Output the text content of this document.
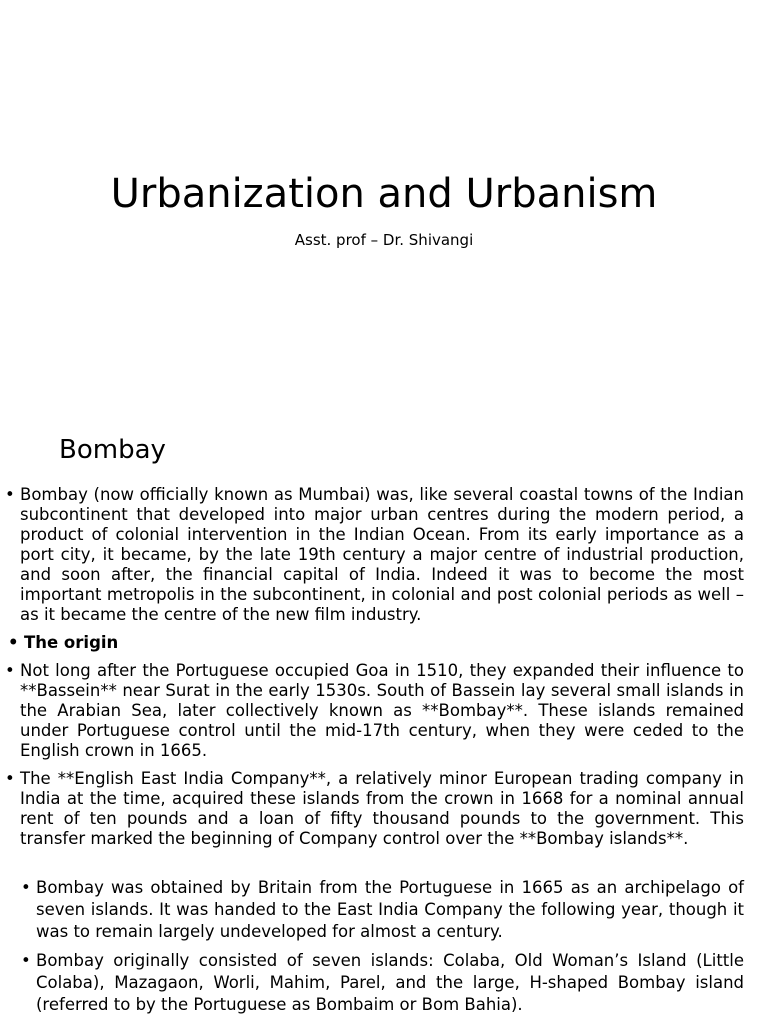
Urbanization and Urbanism
Asst. prof – Dr. Shivangi
Bombay
• Bombay (now officially known as Mumbai) was, like several coastal towns of the Indian subcontinent that developed into major urban centres during the modern period, a product of colonial intervention in the Indian Ocean. From its early importance as a port city, it became, by the late 19th century a major centre of industrial production, and soon after, the financial capital of India. Indeed it was to become the most important metropolis in the subcontinent, in colonial and post colonial periods as well – as it became the centre of the new film industry.
• The origin
• Not long after the Portuguese occupied Goa in 1510, they expanded their influence to **Bassein** near Surat in the early 1530s. South of Bassein lay several small islands in the Arabian Sea, later collectively known as **Bombay**. These islands remained under Portuguese control until the mid-17th century, when they were ceded to the English crown in 1665.
• The **English East India Company**, a relatively minor European trading company in India at the time, acquired these islands from the crown in 1668 for a nominal annual rent of ten pounds and a loan of fifty thousand pounds to the government. This transfer marked the beginning of Company control over the **Bombay islands**.
• Bombay was obtained by Britain from the Portuguese in 1665 as an archipelago of seven islands. It was handed to the East India Company the following year, though it was to remain largely undeveloped for almost a century.
• Bombay originally consisted of seven islands: Colaba, Old Woman’s Island (Little Colaba), Mazagaon, Worli, Mahim, Parel, and the large, H-shaped Bombay island (referred to by the Portuguese as Bombaim or Bom Bahia).
